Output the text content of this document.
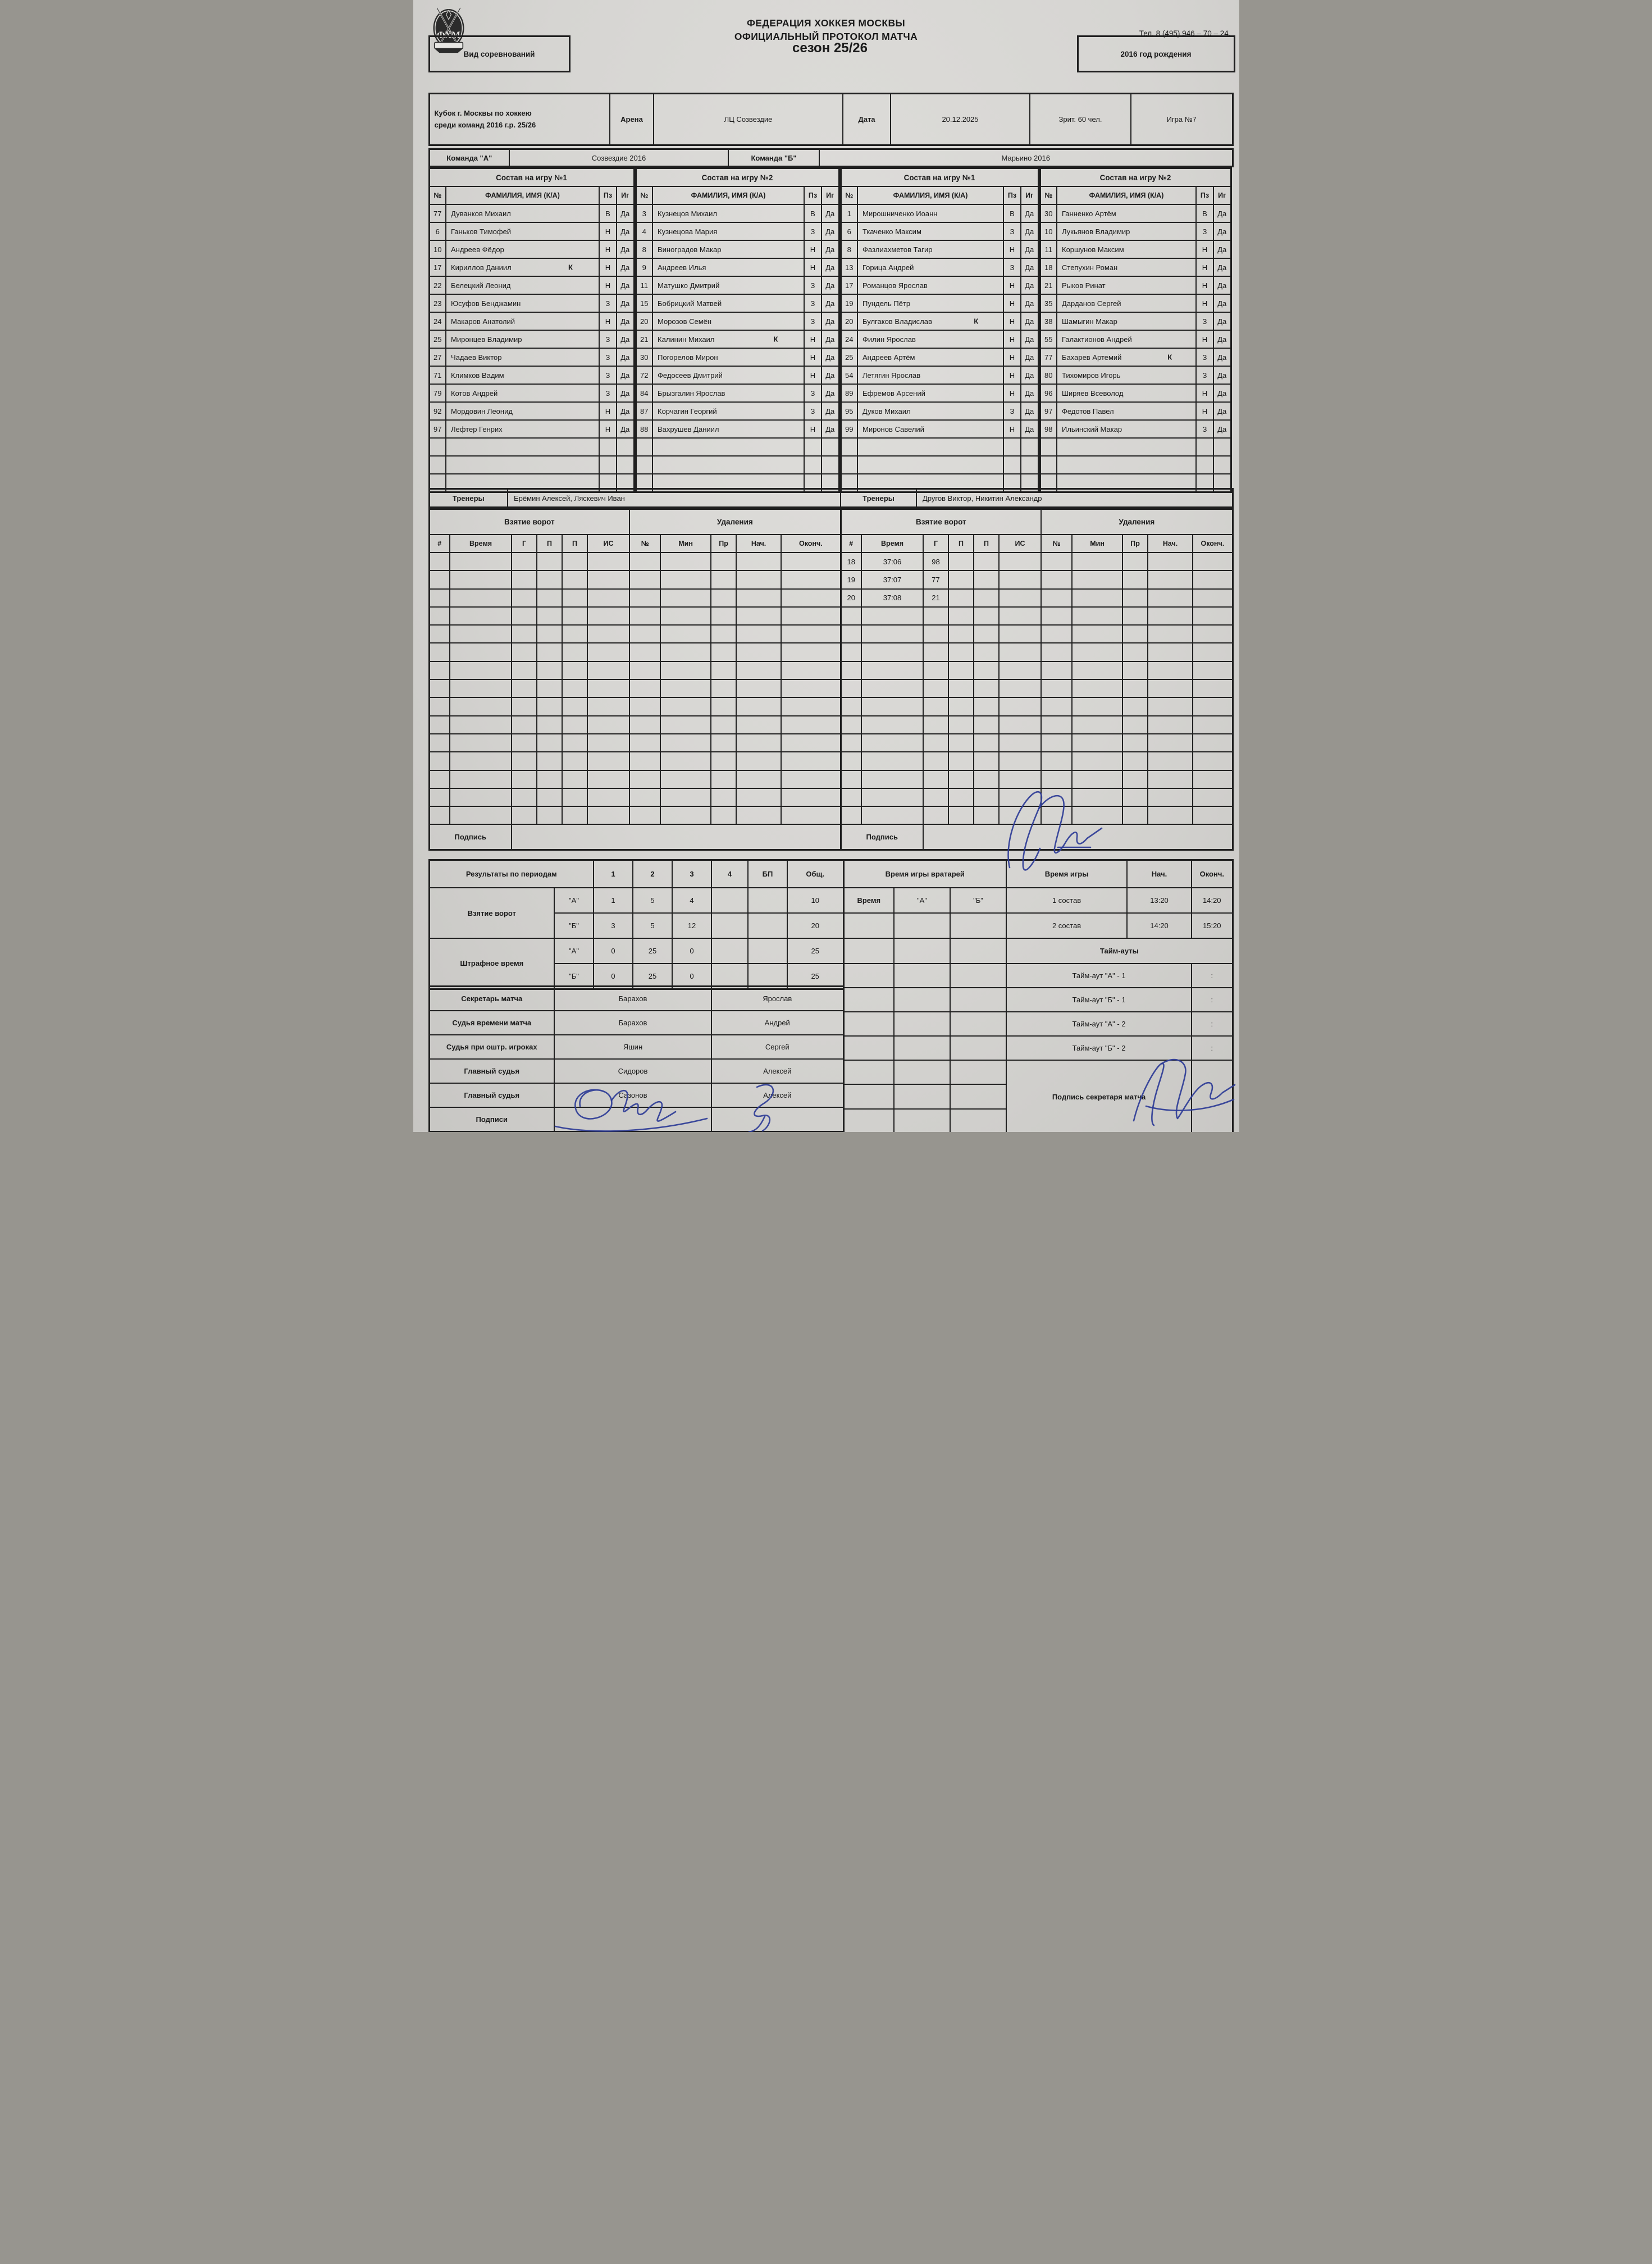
ФХМ
ФЕДЕРАЦИЯ ХОККЕЯ МОСКВЫ
ОФИЦИАЛЬНЫЙ ПРОТОКОЛ МАТЧА	Тел. 8 (495) 946 – 70 – 24.
Вид соревнований	сезон 25/26	2016 год рождения
Кубок г. Москвы по хоккею
среди команд 2016 г.р. 25/26
	Арена	ЛЦ Созвездие	Дата	20.12.2025	Зрит. 60 чел.	Игра №7
Команда "А"	Созвездие 2016	Команда "Б"	Марьино 2016
Состав на игру №1			
№	ФАМИЛИЯ, ИМЯ (К/А)	Пз	Иг
77	Дуванков Михаил	В	Да
6	Ганьков Тимофей	Н	Да
10	Андреев Фёдор	Н	Да
17	Кириллов Даниил К	Н	Да
22	Белецкий Леонид	Н	Да
23	Юсуфов Бенджамин	З	Да
24	Макаров Анатолий	Н	Да
25	Миронцев Владимир	З	Да
27	Чадаев Виктор	З	Да
71	Климков Вадим	З	Да
79	Котов Андрей	З	Да
92	Мордовин Леонид	Н	Да
97	Лефтер Генрих	Н	Да

Состав на игру №2			
№	ФАМИЛИЯ, ИМЯ (К/А)	Пз	Иг
3	Кузнецов Михаил	В	Да
4	Кузнецова Мария	З	Да
8	Виноградов Макар	Н	Да
9	Андреев Илья	Н	Да
11	Матушко Дмитрий	З	Да
15	Бобрицкий Матвей	З	Да
20	Морозов Семён	З	Да
21	Калинин Михаил К	Н	Да
30	Погорелов Мирон	Н	Да
72	Федосеев Дмитрий	Н	Да
84	Брызгалин Ярослав	З	Да
87	Корчагин Георгий	З	Да
88	Вахрушев Даниил	Н	Да

Состав на игру №1			
№	ФАМИЛИЯ, ИМЯ (К/А)	Пз	Иг
1	Мирошниченко Иоанн	В	Да
6	Ткаченко Максим	З	Да
8	Фазлиахметов Тагир	Н	Да
13	Горица Андрей	З	Да
17	Романцов Ярослав	Н	Да
19	Пундель Пётр	Н	Да
20	Булгаков Владислав К	Н	Да
24	Филин Ярослав	Н	Да
25	Андреев Артём	Н	Да
54	Летягин Ярослав	Н	Да
89	Ефремов Арсений	Н	Да
95	Дуков Михаил	З	Да
99	Миронов Савелий	Н	Да

Состав на игру №2			
№	ФАМИЛИЯ, ИМЯ (К/А)	Пз	Иг
30	Ганненко Артём	В	Да
10	Лукьянов Владимир	З	Да
11	Коршунов Максим	Н	Да
18	Степухин Роман	Н	Да
21	Рыков Ринат	Н	Да
35	Дарданов Сергей	Н	Да
38	Шамыгин Макар	З	Да
55	Галактионов Андрей	Н	Да
77	Бахарев Артемий К	З	Да
80	Тихомиров Игорь	З	Да
96	Ширяев Всеволод	Н	Да
97	Федотов Павел	Н	Да
98	Ильинский Макар	З	Да

Тренеры	Ерёмин Алексей, Ляскевич Иван	Тренеры	Другов Виктор, Никитин Александр
Взятие ворот						Удаления				
#	Время	Г	П	П	ИС	№	Мин	Пр	Нач.	Оконч.

Подпись										
Взятие ворот						Удаления				
#	Время	Г	П	П	ИС	№	Мин	Пр	Нач.	Оконч.
18	37:06	98								
19	37:07	77								
20	37:08	21								

Подпись										
Результаты по периодам		1	2	3	4	БП	Общ.
Взятие ворот	"А"	1	5	4			10
	"Б"	3	5	12			20
Штрафное время	"А"	0	25	0			25
	"Б"	0	25	0			25
Секретарь матча	Барахов	Ярослав
Судья времени матча	Барахов	Андрей
Судья при оштр. игроках	Яшин	Сергей
Главный судья	Сидоров	Алексей
Главный судья	Сазонов	Алексей
Подписи		
Время игры вратарей			Время игры	Нач.	Оконч.
Время	"А"	"Б"	1 состав	13:20	14:20
			2 состав	14:20	15:20
			Тайм-ауты		
			Тайм-аут "А" - 1		:
			Тайм-аут "Б" - 1		:
			Тайм-аут "А" - 2		:
			Тайм-аут "Б" - 2		:
			Подпись секретаря матча		
